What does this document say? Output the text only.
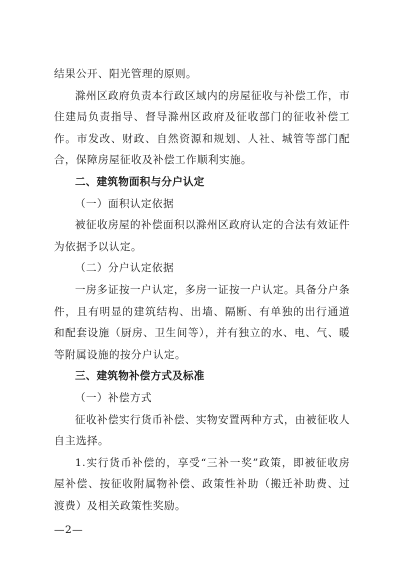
结果公开、阳光管理的原则。

滁州区政府负责本行政区域内的房屋征收与补偿工作，市住建局负责指导、督导滁州区政府及征收部门的征收补偿工作。市发改、财政、自然资源和规划、人社、城管等部门配合，保障房屋征收及补偿工作顺利实施。

二、建筑物面积与分户认定

（一）面积认定依据

被征收房屋的补偿面积以滁州区政府认定的合法有效证件为依据予以认定。

（二）分户认定依据

一房多证按一户认定，多房一证按一户认定。具备分户条件，且有明显的建筑结构、出墙、隔断、有单独的出行通道和配套设施（厨房、卫生间等），并有独立的水、电、气、暖等附属设施的按分户认定。

三、建筑物补偿方式及标准

（一）补偿方式

征收补偿实行货币补偿、实物安置两种方式，由被征收人自主选择。

1.实行货币补偿的，享受“三补一奖”政策，即被征收房屋补偿、按征收附属物补偿、政策性补助（搬迁补助费、过渡费）及相关政策性奖励。

—2—
